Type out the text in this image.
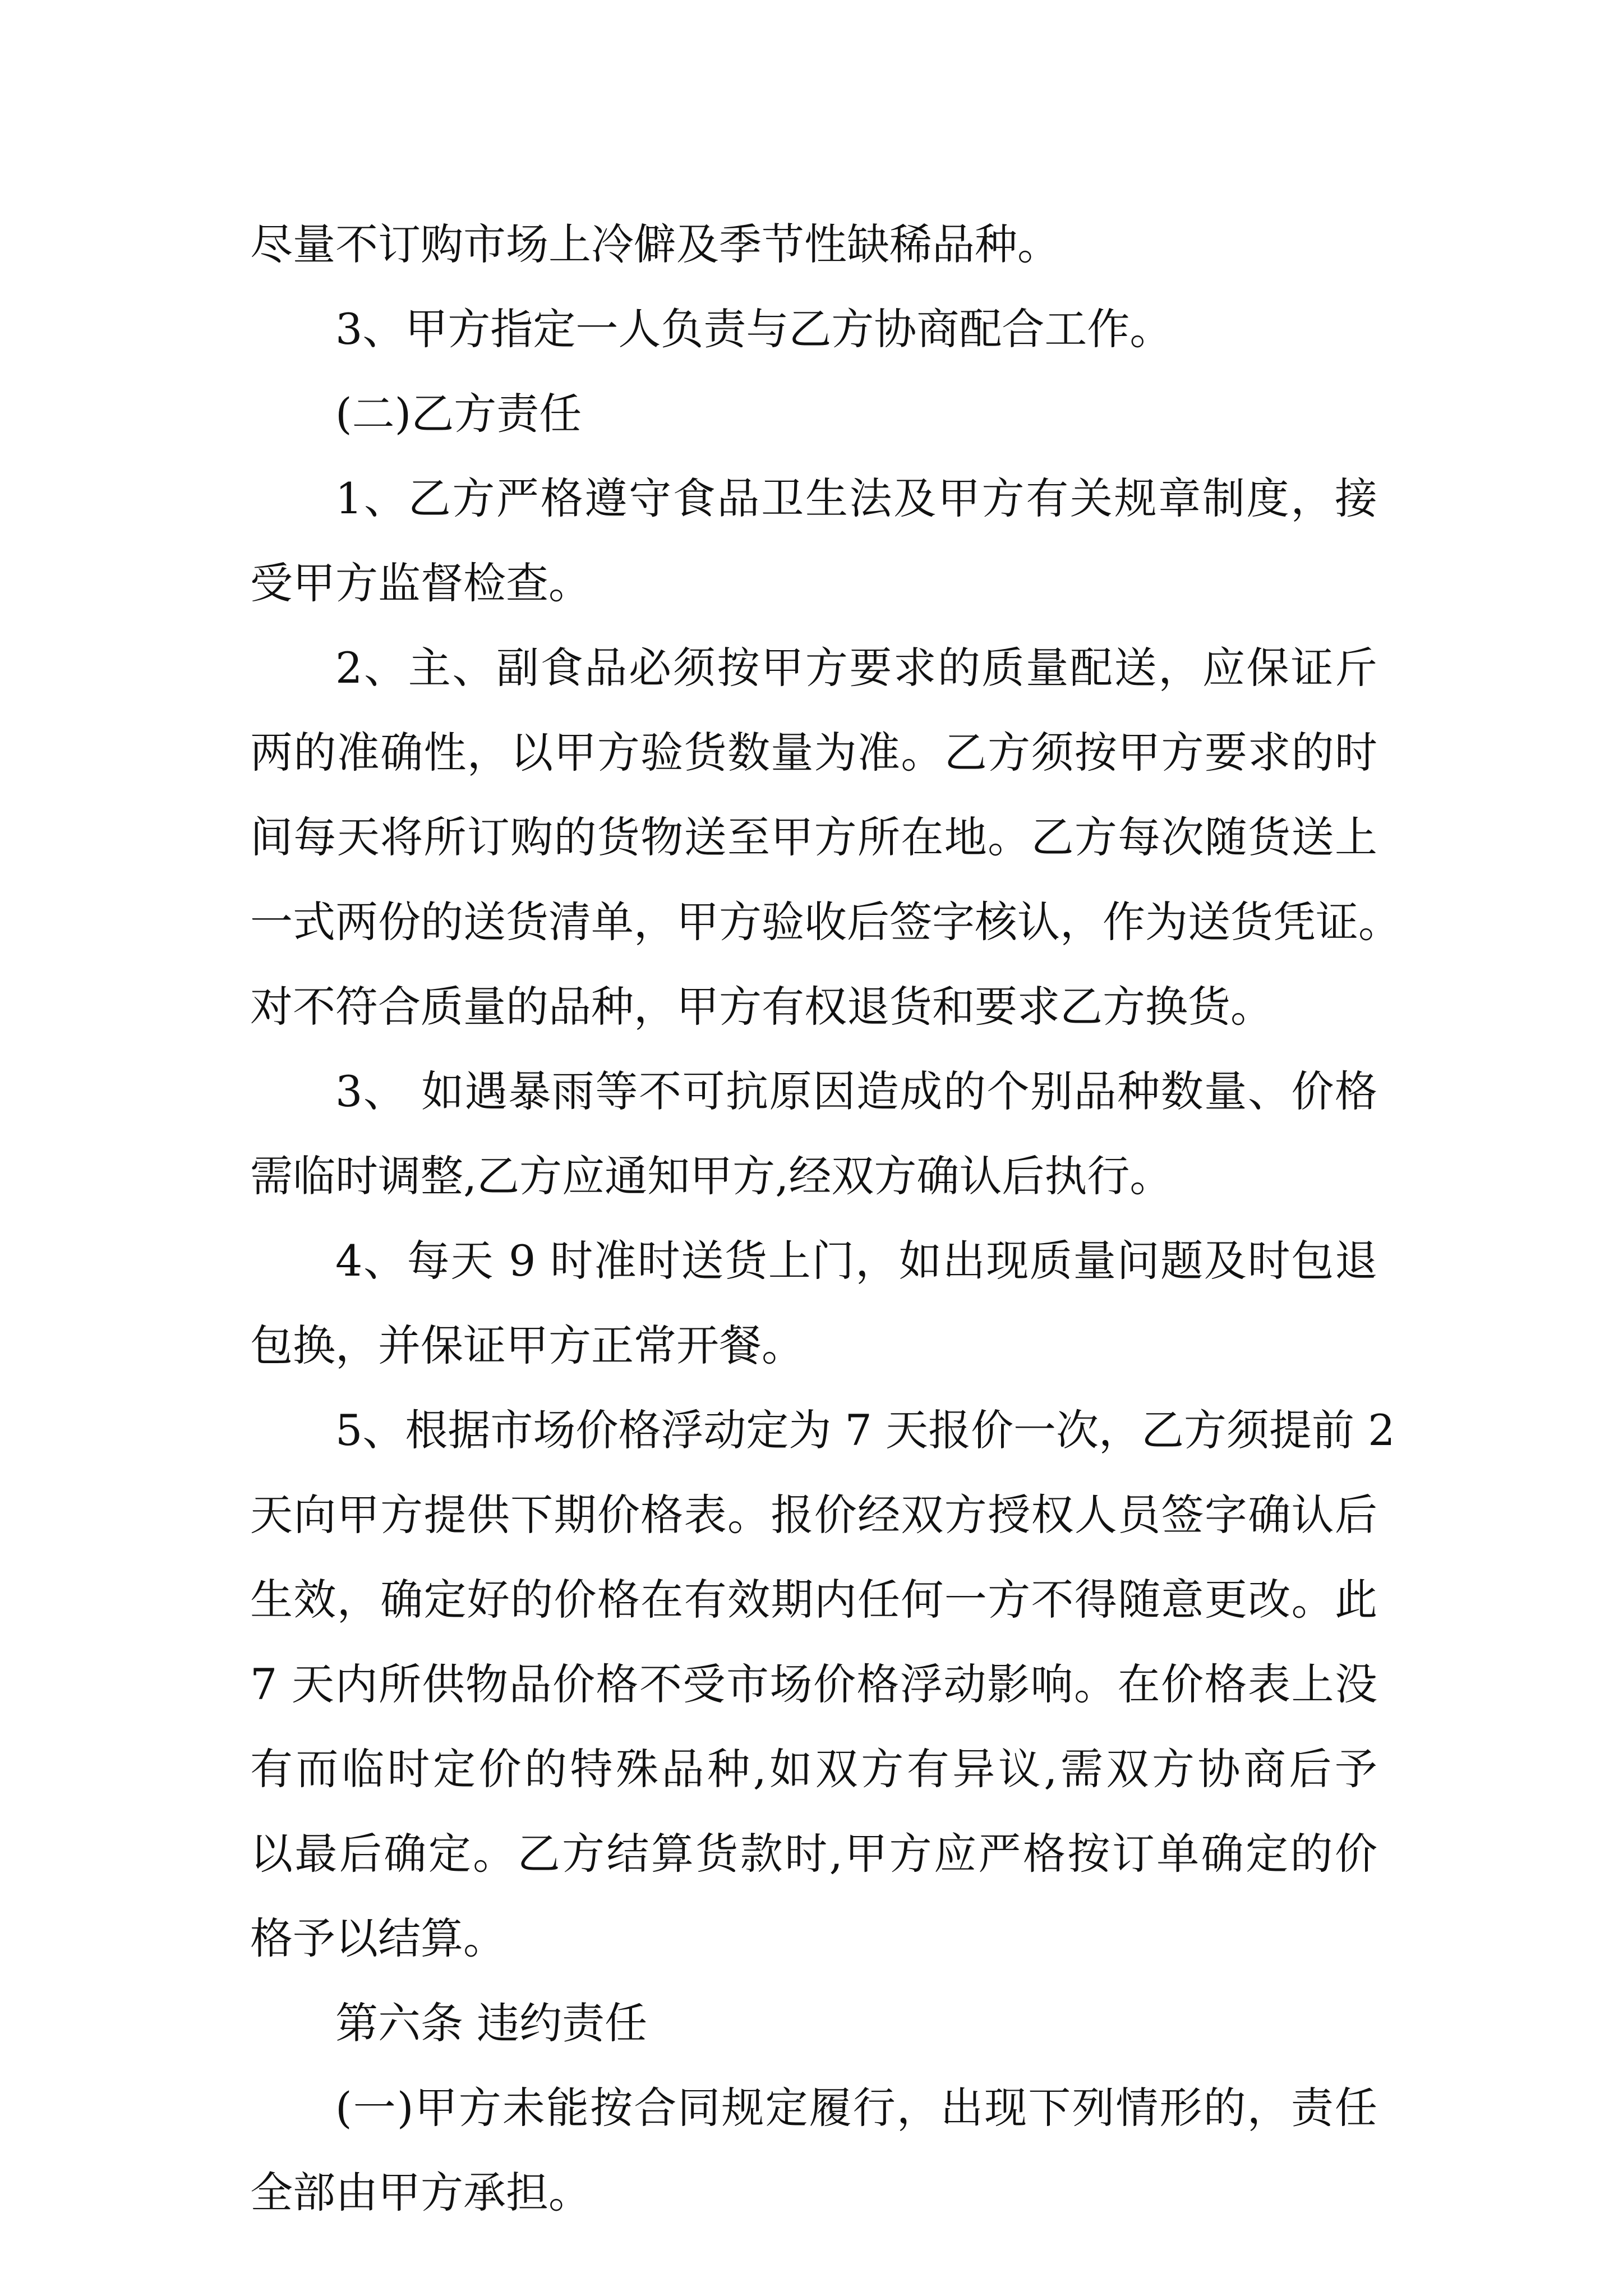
尽量不订购市场上冷僻及季节性缺稀品种。
3、甲方指定一人负责与乙方协商配合工作。
(二)乙方责任
1、乙方严格遵守食品卫生法及甲方有关规章制度，接
受甲方监督检查。
2、主、副食品必须按甲方要求的质量配送，应保证斤
两的准确性，以甲方验货数量为准。乙方须按甲方要求的时
间每天将所订购的货物送至甲方所在地。乙方每次随货送上
一式两份的送货清单，甲方验收后签字核认，作为送货凭证。
对不符合质量的品种，甲方有权退货和要求乙方换货。
3、 如遇暴雨等不可抗原因造成的个别品种数量、价格
需临时调整,乙方应通知甲方,经双方确认后执行。
4、每天 9 时准时送货上门，如出现质量问题及时包退
包换，并保证甲方正常开餐。
5、根据市场价格浮动定为 7 天报价一次，乙方须提前 2
天向甲方提供下期价格表。报价经双方授权人员签字确认后
生效，确定好的价格在有效期内任何一方不得随意更改。此
7 天内所供物品价格不受市场价格浮动影响。在价格表上没
有而临时定价的特殊品种,如双方有异议,需双方协商后予
以最后确定。乙方结算货款时,甲方应严格按订单确定的价
格予以结算。
第六条 违约责任
(一)甲方未能按合同规定履行，出现下列情形的，责任
全部由甲方承担。
